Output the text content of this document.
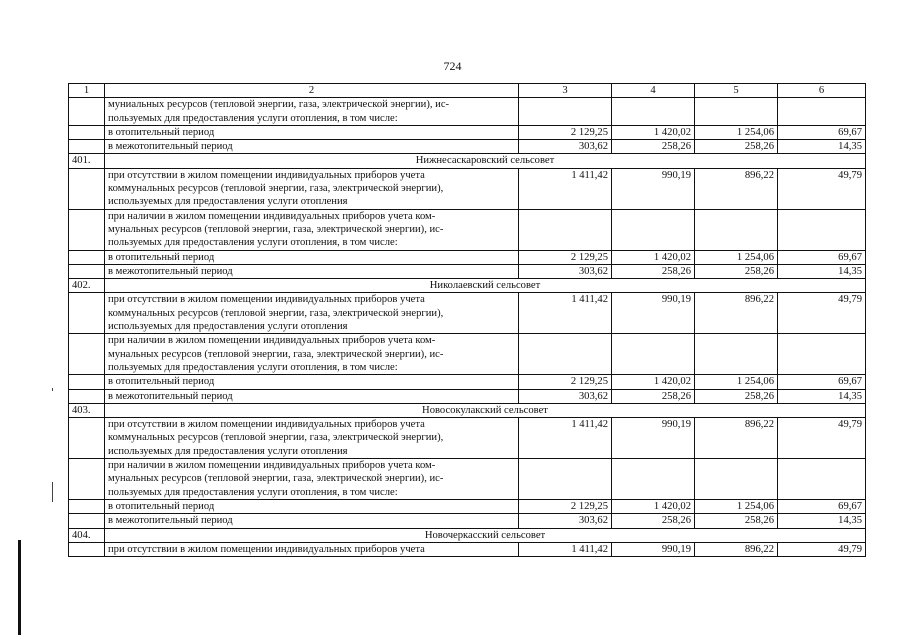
724
1	2	3	4	5	6

	муниальных ресурсов (тепловой энергии, газа, электрической энергии), ис-
пользуемых для предоставления услуги отопления, в том числе:				

	в отопительный период	2 129,25	1 420,02	1 254,06	69,67

	в межотопительный период	303,62	258,26	258,26	14,35
401.	Нижнесаскаровский сельсовет				

	при отсутствии в жилом помещении индивидуальных приборов учета
коммунальных ресурсов (тепловой энергии, газа, электрической энергии),
используемых для предоставления услуги отопления	1 411,42	990,19	896,22	49,79

	при наличии в жилом помещении индивидуальных приборов учета ком-
мунальных ресурсов (тепловой энергии, газа, электрической энергии), ис-
пользуемых для предоставления услуги отопления, в том числе:				

	в отопительный период	2 129,25	1 420,02	1 254,06	69,67

	в межотопительный период	303,62	258,26	258,26	14,35
402.	Николаевский сельсовет				

	при отсутствии в жилом помещении индивидуальных приборов учета
коммунальных ресурсов (тепловой энергии, газа, электрической энергии),
используемых для предоставления услуги отопления	1 411,42	990,19	896,22	49,79

	при наличии в жилом помещении индивидуальных приборов учета ком-
мунальных ресурсов (тепловой энергии, газа, электрической энергии), ис-
пользуемых для предоставления услуги отопления, в том числе:				

	в отопительный период	2 129,25	1 420,02	1 254,06	69,67

	в межотопительный период	303,62	258,26	258,26	14,35
403.	Новосокулакский сельсовет				

	при отсутствии в жилом помещении индивидуальных приборов учета
коммунальных ресурсов (тепловой энергии, газа, электрической энергии),
используемых для предоставления услуги отопления	1 411,42	990,19	896,22	49,79

	при наличии в жилом помещении индивидуальных приборов учета ком-
мунальных ресурсов (тепловой энергии, газа, электрической энергии), ис-
пользуемых для предоставления услуги отопления, в том числе:				

	в отопительный период	2 129,25	1 420,02	1 254,06	69,67

	в межотопительный период	303,62	258,26	258,26	14,35
404.	Новочеркасский сельсовет				

	при отсутствии в жилом помещении индивидуальных приборов учета	1 411,42	990,19	896,22	49,79
